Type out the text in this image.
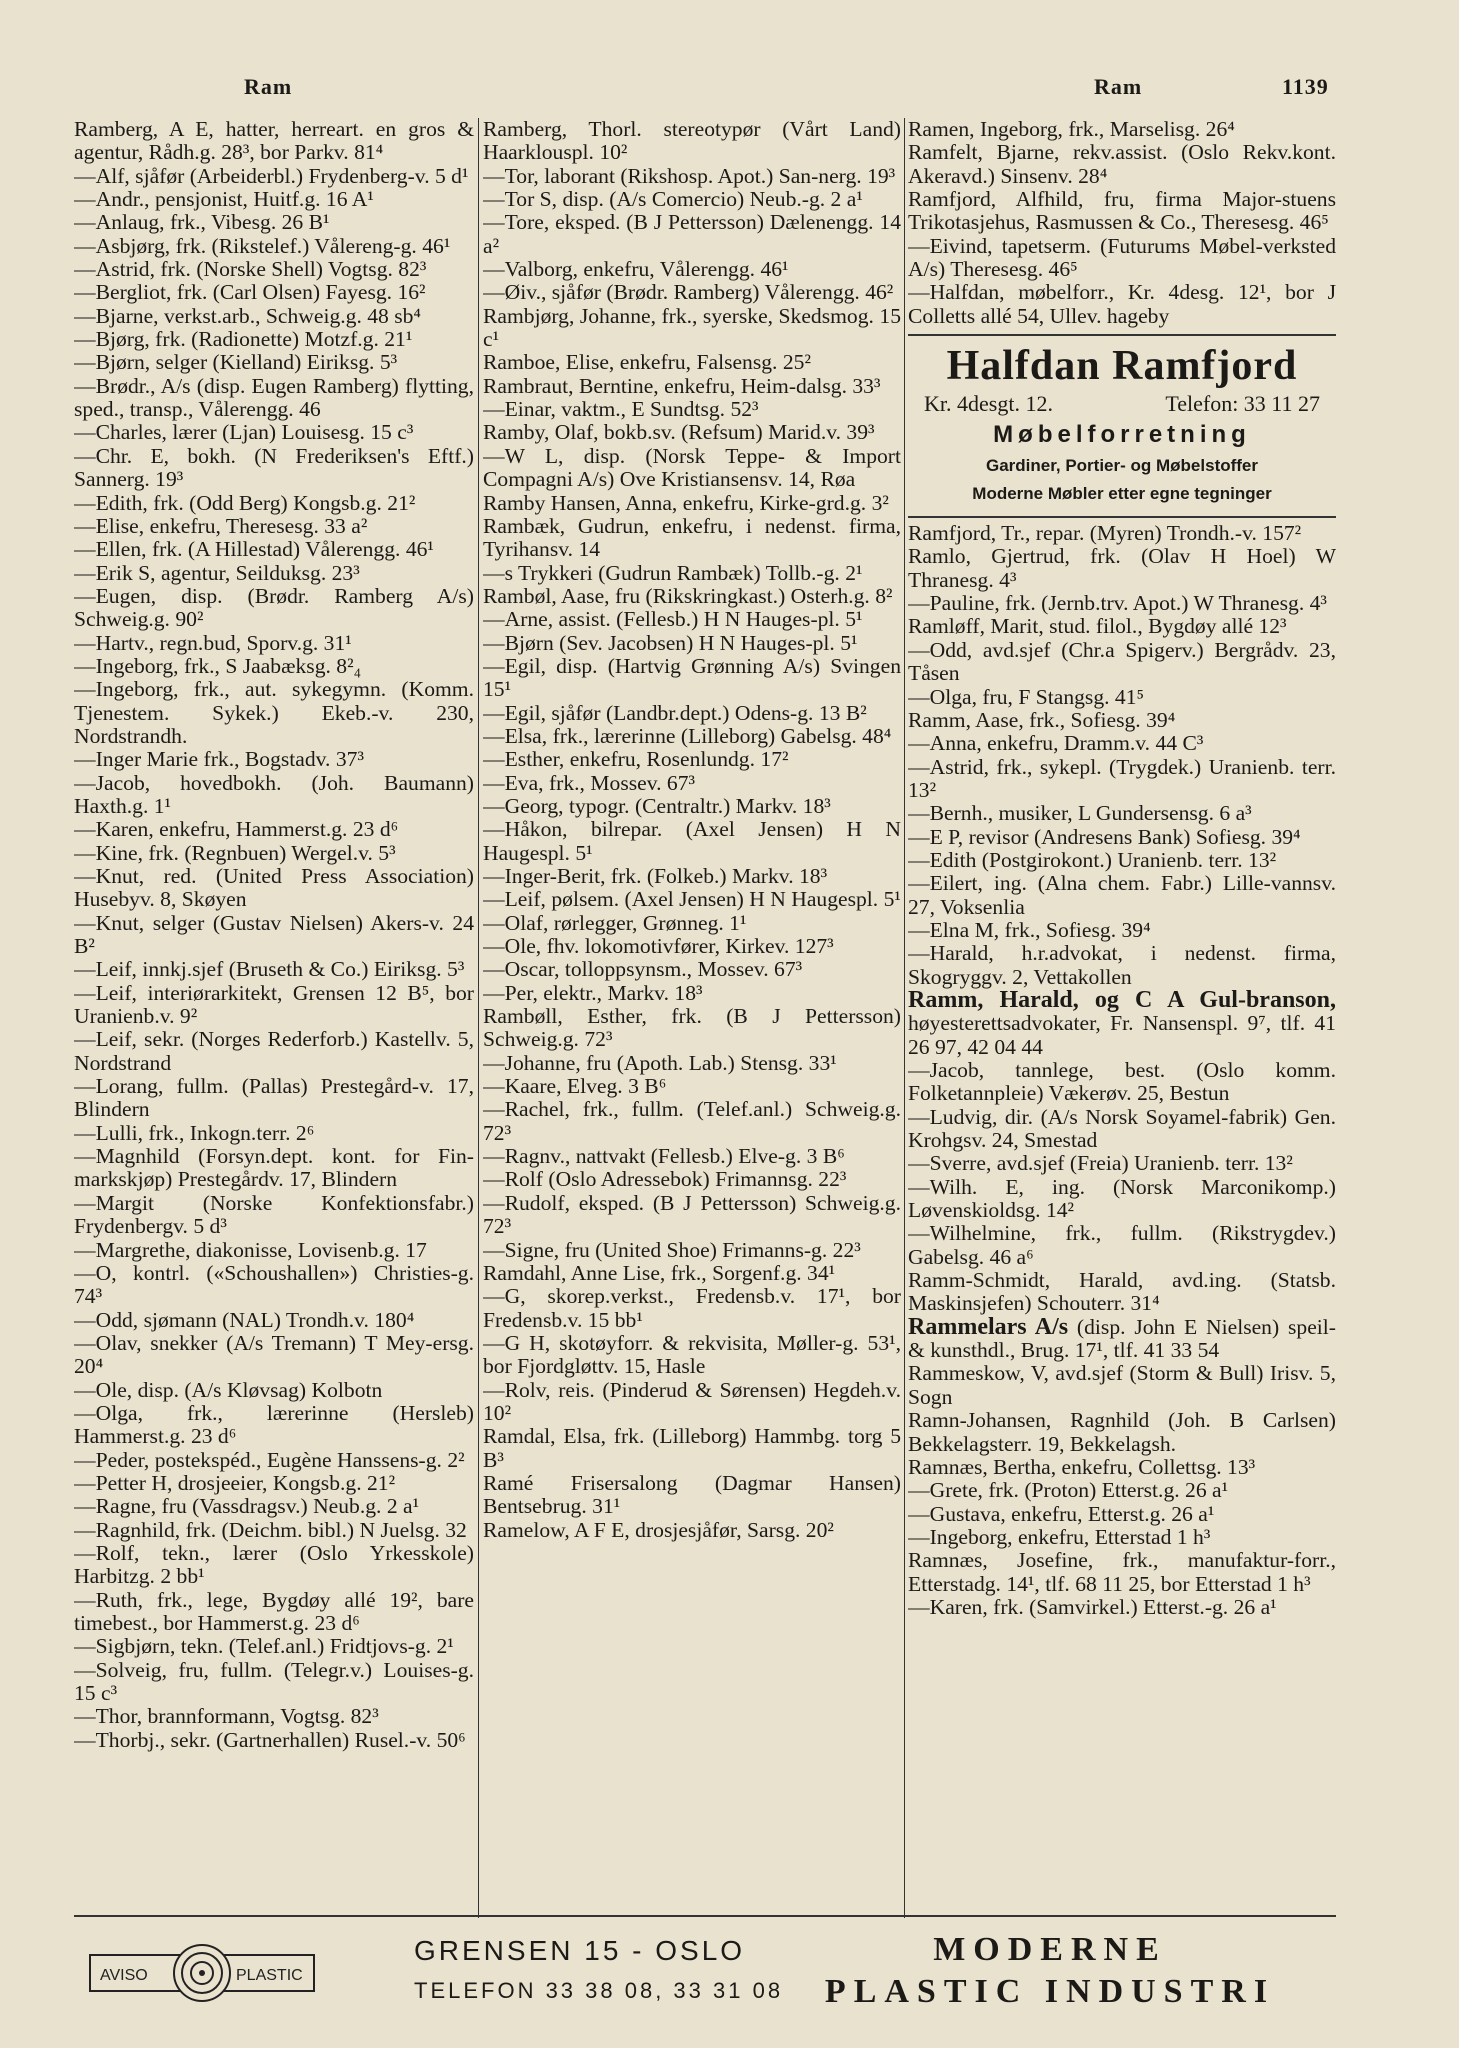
Ram	Ram	1139
Ramberg, A E, hatter, herreart. en gros & agentur, Rådh.g. 28³, bor Parkv. 81⁴
—Alf, sjåfør (Arbeiderbl.) Frydenberg-v. 5 d¹
—Andr., pensjonist, Huitf.g. 16 A¹
—Anlaug, frk., Vibesg. 26 B¹
—Asbjørg, frk. (Rikstelef.) Vålereng-g. 46¹
—Astrid, frk. (Norske Shell) Vogtsg. 82³
—Bergliot, frk. (Carl Olsen) Fayesg. 16²
—Bjarne, verkst.arb., Schweig.g. 48 sb⁴
—Bjørg, frk. (Radionette) Motzf.g. 21¹
—Bjørn, selger (Kielland) Eiriksg. 5³
—Brødr., A/s (disp. Eugen Ramberg) flytting, sped., transp., Vålerengg. 46
—Charles, lærer (Ljan) Louisesg. 15 c³
—Chr. E, bokh. (N Frederiksen's Eftf.) Sannerg. 19³
—Edith, frk. (Odd Berg) Kongsb.g. 21²
—Elise, enkefru, Theresesg. 33 a²
—Ellen, frk. (A Hillestad) Vålerengg. 46¹
—Erik S, agentur, Seilduksg. 23³
—Eugen, disp. (Brødr. Ramberg A/s) Schweig.g. 90²
—Hartv., regn.bud, Sporv.g. 31¹
—Ingeborg, frk., S Jaabæksg. 8²₄
—Ingeborg, frk., aut. sykegymn. (Komm. Tjenestem. Sykek.) Ekeb.-v. 230, Nordstrandh.
—Inger Marie frk., Bogstadv. 37³
—Jacob, hovedbokh. (Joh. Baumann) Haxth.g. 1¹
—Karen, enkefru, Hammerst.g. 23 d⁶
—Kine, frk. (Regnbuen) Wergel.v. 5³
—Knut, red. (United Press Association) Husebyv. 8, Skøyen
—Knut, selger (Gustav Nielsen) Akers-v. 24 B²
—Leif, innkj.sjef (Bruseth & Co.) Eiriksg. 5³
—Leif, interiørarkitekt, Grensen 12 B⁵, bor Uranienb.v. 9²
—Leif, sekr. (Norges Rederforb.) Kastellv. 5, Nordstrand
—Lorang, fullm. (Pallas) Prestegård-v. 17, Blindern
—Lulli, frk., Inkogn.terr. 2⁶
—Magnhild (Forsyn.dept. kont. for Fin-markskjøp) Prestegårdv. 17, Blindern
—Margit (Norske Konfektionsfabr.) Frydenbergv. 5 d³
—Margrethe, diakonisse, Lovisenb.g. 17
—O, kontrl. («Schoushallen») Christies-g. 74³
—Odd, sjømann (NAL) Trondh.v. 180⁴
—Olav, snekker (A/s Tremann) T Mey-ersg. 20⁴
—Ole, disp. (A/s Kløvsag) Kolbotn
—Olga, frk., lærerinne (Hersleb) Hammerst.g. 23 d⁶
—Peder, postekspéd., Eugène Hanssens-g. 2²
—Petter H, drosjeeier, Kongsb.g. 21²
—Ragne, fru (Vassdragsv.) Neub.g. 2 a¹
—Ragnhild, frk. (Deichm. bibl.) N Juelsg. 32
—Rolf, tekn., lærer (Oslo Yrkesskole) Harbitzg. 2 bb¹
—Ruth, frk., lege, Bygdøy allé 19², bare timebest., bor Hammerst.g. 23 d⁶
—Sigbjørn, tekn. (Telef.anl.) Fridtjovs-g. 2¹
—Solveig, fru, fullm. (Telegr.v.) Louises-g. 15 c³
—Thor, brannformann, Vogtsg. 82³
—Thorbj., sekr. (Gartnerhallen) Rusel.-v. 50⁶
Ramberg, Thorl. stereotypør (Vårt Land) Haarklouspl. 10²
—Tor, laborant (Rikshosp. Apot.) San-nerg. 19³
—Tor S, disp. (A/s Comercio) Neub.-g. 2 a¹
—Tore, eksped. (B J Pettersson) Dælenengg. 14 a²
—Valborg, enkefru, Vålerengg. 46¹
—Øiv., sjåfør (Brødr. Ramberg) Vålerengg. 46²
Rambjørg, Johanne, frk., syerske, Skedsmog. 15 c¹
Ramboe, Elise, enkefru, Falsensg. 25²
Rambraut, Berntine, enkefru, Heim-dalsg. 33³
—Einar, vaktm., E Sundtsg. 52³
Ramby, Olaf, bokb.sv. (Refsum) Marid.v. 39³
—W L, disp. (Norsk Teppe- & Import Compagni A/s) Ove Kristiansensv. 14, Røa
Ramby Hansen, Anna, enkefru, Kirke-grd.g. 3²
Rambæk, Gudrun, enkefru, i nedenst. firma, Tyrihansv. 14
—s Trykkeri (Gudrun Rambæk) Tollb.-g. 2¹
Rambøl, Aase, fru (Rikskringkast.) Osterh.g. 8²
—Arne, assist. (Fellesb.) H N Hauges-pl. 5¹
—Bjørn (Sev. Jacobsen) H N Hauges-pl. 5¹
—Egil, disp. (Hartvig Grønning A/s) Svingen 15¹
—Egil, sjåfør (Landbr.dept.) Odens-g. 13 B²
—Elsa, frk., lærerinne (Lilleborg) Gabelsg. 48⁴
—Esther, enkefru, Rosenlundg. 17²
—Eva, frk., Mossev. 67³
—Georg, typogr. (Centraltr.) Markv. 18³
—Håkon, bilrepar. (Axel Jensen) H N Haugespl. 5¹
—Inger-Berit, frk. (Folkeb.) Markv. 18³
—Leif, pølsem. (Axel Jensen) H N Haugespl. 5¹
—Olaf, rørlegger, Grønneg. 1¹
—Ole, fhv. lokomotivfører, Kirkev. 127³
—Oscar, tolloppsynsm., Mossev. 67³
—Per, elektr., Markv. 18³
Rambøll, Esther, frk. (B J Pettersson) Schweig.g. 72³
—Johanne, fru (Apoth. Lab.) Stensg. 33¹
—Kaare, Elveg. 3 B⁶
—Rachel, frk., fullm. (Telef.anl.) Schweig.g. 72³
—Ragnv., nattvakt (Fellesb.) Elve-g. 3 B⁶
—Rolf (Oslo Adressebok) Frimannsg. 22³
—Rudolf, eksped. (B J Pettersson) Schweig.g. 72³
—Signe, fru (United Shoe) Frimanns-g. 22³
Ramdahl, Anne Lise, frk., Sorgenf.g. 34¹
—G, skorep.verkst., Fredensb.v. 17¹, bor Fredensb.v. 15 bb¹
—G H, skotøyforr. & rekvisita, Møller-g. 53¹, bor Fjordgløttv. 15, Hasle
—Rolv, reis. (Pinderud & Sørensen) Hegdeh.v. 10²
Ramdal, Elsa, frk. (Lilleborg) Hammbg. torg 5 B³
Ramé Frisersalong (Dagmar Hansen) Bentsebrug. 31¹
Ramelow, A F E, drosjesjåfør, Sarsg. 20²
Ramen, Ingeborg, frk., Marselisg. 26⁴
Ramfelt, Bjarne, rekv.assist. (Oslo Rekv.kont. Akeravd.) Sinsenv. 28⁴
Ramfjord, Alfhild, fru, firma Major-stuens Trikotasjehus, Rasmussen & Co., Theresesg. 46⁵
—Eivind, tapetserm. (Futurums Møbel-verksted A/s) Theresesg. 46⁵
—Halfdan, møbelforr., Kr. 4desg. 12¹, bor J Colletts allé 54, Ullev. hageby
Halfdan Ramfjord
Kr. 4desgt. 12.	Telefon: 33 11 27
Møbelforretning
Gardiner, Portier- og Møbelstoffer
Moderne Møbler etter egne tegninger
Ramfjord, Tr., repar. (Myren) Trondh.-v. 157²
Ramlo, Gjertrud, frk. (Olav H Hoel) W Thranesg. 4³
—Pauline, frk. (Jernb.trv. Apot.) W Thranesg. 4³
Ramløff, Marit, stud. filol., Bygdøy allé 12³
—Odd, avd.sjef (Chr.a Spigerv.) Bergrådv. 23, Tåsen
—Olga, fru, F Stangsg. 41⁵
Ramm, Aase, frk., Sofiesg. 39⁴
—Anna, enkefru, Dramm.v. 44 C³
—Astrid, frk., sykepl. (Trygdek.) Uranienb. terr. 13²
—Bernh., musiker, L Gundersensg. 6 a³
—E P, revisor (Andresens Bank) Sofiesg. 39⁴
—Edith (Postgirokont.) Uranienb. terr. 13²
—Eilert, ing. (Alna chem. Fabr.) Lille-vannsv. 27, Voksenlia
—Elna M, frk., Sofiesg. 39⁴
—Harald, h.r.advokat, i nedenst. firma, Skogryggv. 2, Vettakollen
Ramm, Harald, og C A Gul-branson, høyesterettsadvokater, Fr. Nansenspl. 9⁷, tlf. 41 26 97, 42 04 44
—Jacob, tannlege, best. (Oslo komm. Folketannpleie) Vækerøv. 25, Bestun
—Ludvig, dir. (A/s Norsk Soyamel-fabrik) Gen. Krohgsv. 24, Smestad
—Sverre, avd.sjef (Freia) Uranienb. terr. 13²
—Wilh. E, ing. (Norsk Marconikomp.) Løvenskioldsg. 14²
—Wilhelmine, frk., fullm. (Rikstrygdev.) Gabelsg. 46 a⁶
Ramm-Schmidt, Harald, avd.ing. (Statsb. Maskinsjefen) Schouterr. 31⁴
Rammelars A/s (disp. John E Nielsen) speil- & kunsthdl., Brug. 17¹, tlf. 41 33 54
Rammeskow, V, avd.sjef (Storm & Bull) Irisv. 5, Sogn
Ramn-Johansen, Ragnhild (Joh. B Carlsen) Bekkelagsterr. 19, Bekkelagsh.
Ramnæs, Bertha, enkefru, Collettsg. 13³
—Grete, frk. (Proton) Etterst.g. 26 a¹
—Gustava, enkefru, Etterst.g. 26 a¹
—Ingeborg, enkefru, Etterstad 1 h³
Ramnæs, Josefine, frk., manufaktur-forr., Etterstadg. 14¹, tlf. 68 11 25, bor Etterstad 1 h³
—Karen, frk. (Samvirkel.) Etterst.-g. 26 a¹
AVISO	PLASTIC
GRENSEN 15 - OSLO
TELEFON 33 38 08, 33 31 08
MODERNE
PLASTIC INDUSTRI
